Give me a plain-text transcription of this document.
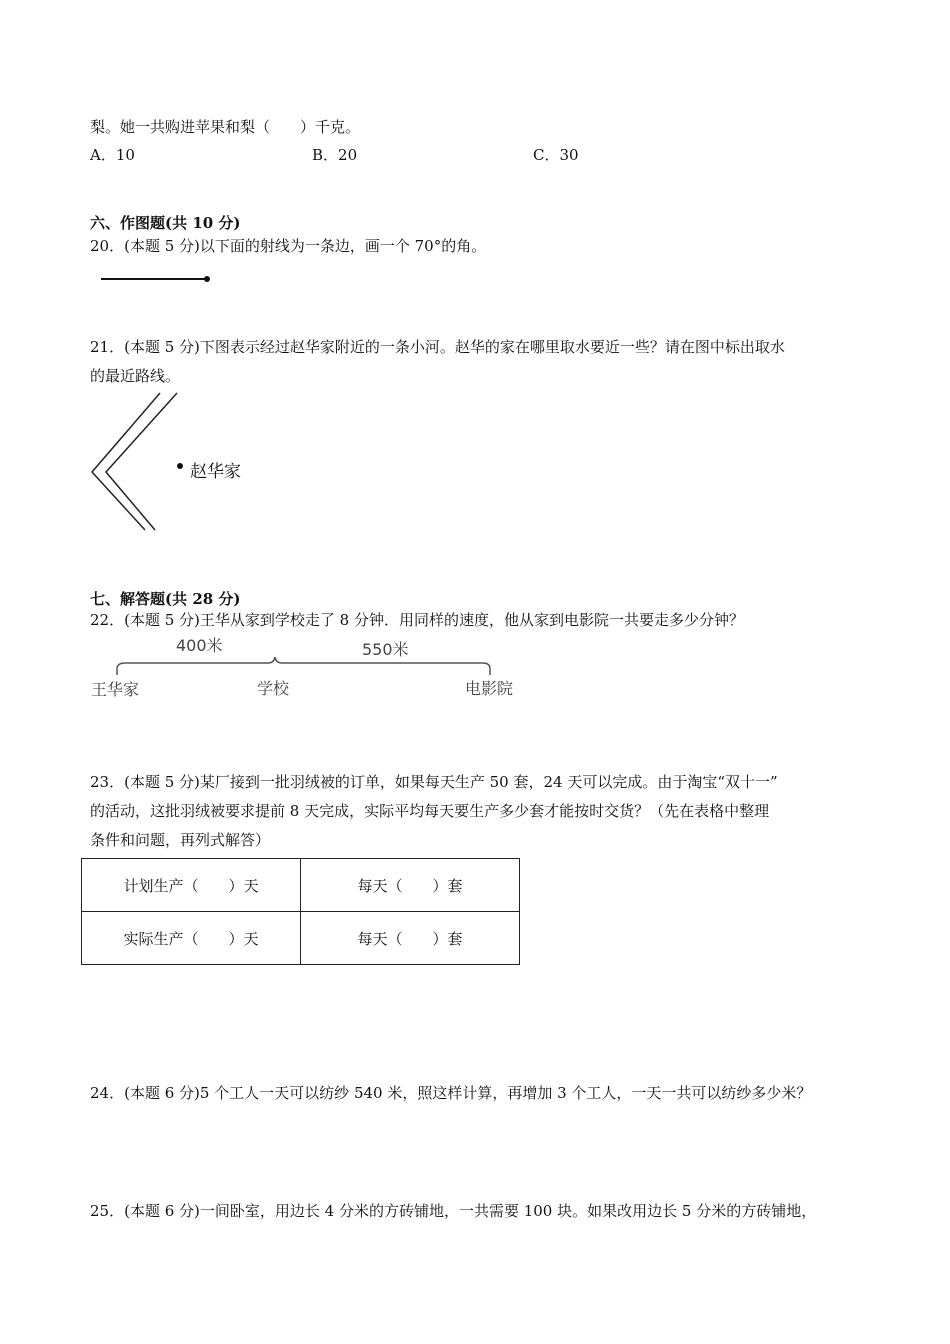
梨。她一共购进苹果和梨（　　）千克。
A．10	B．20	C．30
六、作图题(共 10 分)
20．(本题 5 分)以下面的射线为一条边，画一个 70°的角。
21．(本题 5 分)下图表示经过赵华家附近的一条小河。赵华的家在哪里取水要近一些？请在图中标出取水
的最近路线。
赵华家
七、解答题(共 28 分)
22．(本题 5 分)王华从家到学校走了 8 分钟．用同样的速度，他从家到电影院一共要走多少分钟？
400米	550米
王华家	学校	电影院
23．(本题 5 分)某厂接到一批羽绒被的订单，如果每天生产 50 套，24 天可以完成。由于淘宝“双十一”
的活动，这批羽绒被要求提前 8 天完成，实际平均每天要生产多少套才能按时交货？（先在表格中整理
条件和问题，再列式解答）
计划生产（　　）天	每天（　　）套
实际生产（　　）天	每天（　　）套
24．(本题 6 分)5 个工人一天可以纺纱 540 米，照这样计算，再增加 3 个工人，一天一共可以纺纱多少米？
25．(本题 6 分)一间卧室，用边长 4 分米的方砖铺地，一共需要 100 块。如果改用边长 5 分米的方砖铺地，
